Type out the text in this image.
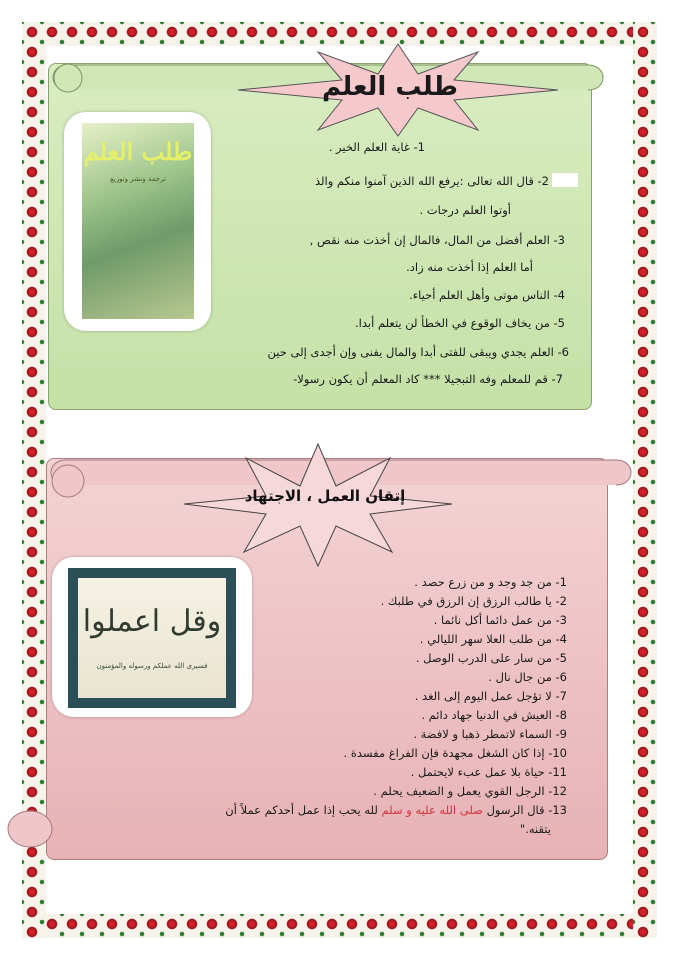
طلب العلم
طلب العلم
ترجمة ونشر وتوزيع
1- غاية العلم الخير .
2- قال الله تعالى :يرفع الله الذين آمنوا منكم والذ
أوتوا العلم درجات .
3- العلم أفضل من المال، فالمال إن أخذت منه نقص ,
أما العلم إذا أخذت منه زاد.
4- الناس موتى وأهل العلم أحياء.
5- من يخاف الوقوع في الخطأ لن يتعلم أبدا.
6- العلم يجدي ويبقى للفتى أبدا والمال يفنى وإن أجدى إلى حين
7- قم للمعلم وفه التبجيلا *** كاد المعلم أن يكون رسولا-
إتقان العمل ، الاجتهاد
وقل اعملوا
فسيرى الله عملكم ورسوله والمؤمنون
1- من جد وجد و من زرع حصد .
2- يا طالب الرزق إن الرزق في طلبك .
3- من عمل دائما أكل نائما .
4- من طلب العلا سهر الليالي .
5- من سار على الدرب الوصل .
6- من جال نال .
7- لا تؤجل عمل اليوم إلى الغد .
8- العيش في الدنيا جهاد دائم .
9- السماء لاتمطر ذهبا و لافضة .
10- إذا كان الشغل مجهدة فإن الفراغ مفسدة .
11- حياة بلا عمل عبء لايحتمل .
12- الرجل القوي يعمل و الضعيف يحلم .
13- قال الرسول صلى الله عليه و سلم لله يحب إذا عمل أحدكم عملاً أن
يتقنه."
